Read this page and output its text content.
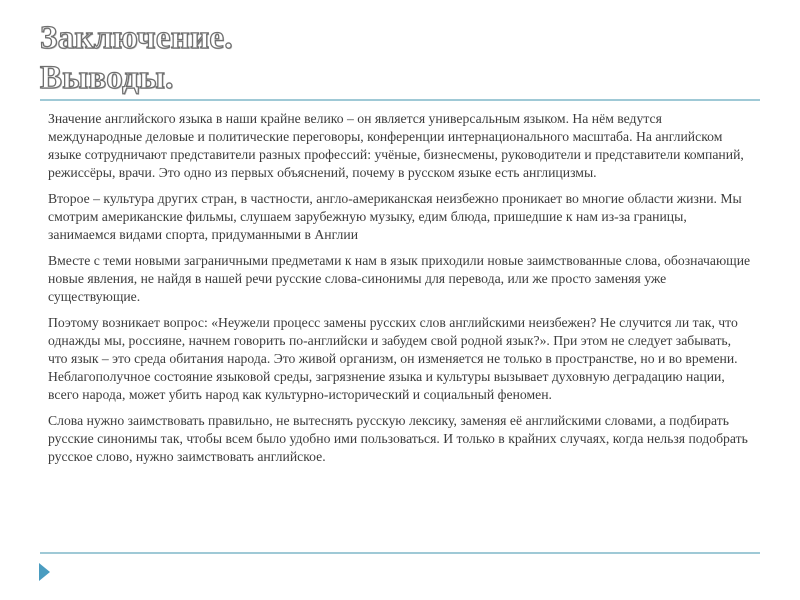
Заключение.
Выводы.

Значение английского языка в наши крайне велико – он является универсальным языком. На нём ведутся международные деловые и политические переговоры, конференции интернационального масштаба. На английском языке сотрудничают представители разных профессий: учёные, бизнесмены, руководители и представители компаний, режиссёры, врачи. Это одно из первых объяснений, почему в русском языке есть англицизмы.

Второе – культура других стран, в частности, англо-американская неизбежно проникает во многие области жизни. Мы смотрим американские фильмы, слушаем зарубежную музыку, едим блюда, пришедшие к нам из-за границы, занимаемся видами спорта, придуманными в Англии

Вместе с теми новыми заграничными предметами к нам в язык приходили новые заимствованные слова, обозначающие новые явления, не найдя в нашей речи русские слова-синонимы для перевода, или же просто заменяя уже существующие.

Поэтому возникает вопрос: «Неужели процесс замены русских слов английскими неизбежен? Не случится ли так, что однажды мы, россияне, начнем говорить по-английски и забудем свой родной язык?». При этом не следует забывать, что язык – это среда обитания народа. Это живой организм, он изменяется не только в пространстве, но и во времени. Неблагополучное состояние языковой среды, загрязнение языка и культуры вызывает духовную деградацию нации, всего народа, может убить народ как культурно-исторический и социальный феномен.

Слова нужно заимствовать правильно, не вытеснять русскую лексику, заменяя её английскими словами, а подбирать русские синонимы так, чтобы всем было удобно ими пользоваться. И только в крайних случаях, когда нельзя подобрать русское слово, нужно заимствовать английское.
